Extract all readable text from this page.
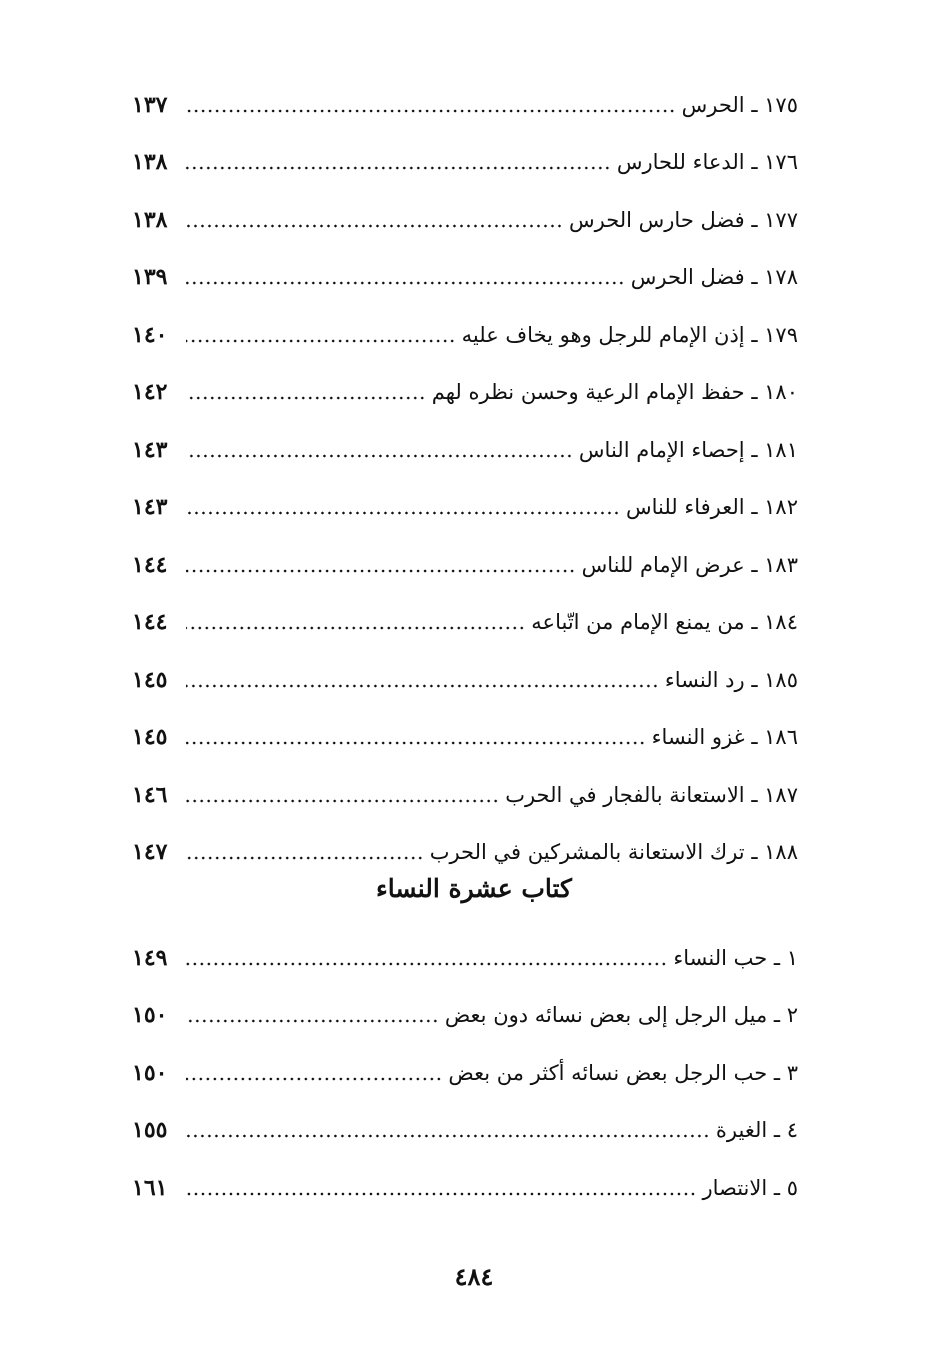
١٧٥ ـ الحرس
١٣٧
١٧٦ ـ الدعاء للحارس
١٣٨
١٧٧ ـ فضل حارس الحرس
١٣٨
١٧٨ ـ فضل الحرس
١٣٩
١٧٩ ـ إذن الإمام للرجل وهو يخاف عليه
١٤٠
١٨٠ ـ حفظ الإمام الرعية وحسن نظره لهم
١٤٢
١٨١ ـ إحصاء الإمام الناس
١٤٣
١٨٢ ـ العرفاء للناس
١٤٣
١٨٣ ـ عرض الإمام للناس
١٤٤
١٨٤ ـ من يمنع الإمام من اتّباعه
١٤٤
١٨٥ ـ رد النساء
١٤٥
١٨٦ ـ غزو النساء
١٤٥
١٨٧ ـ الاستعانة بالفجار في الحرب
١٤٦
١٨٨ ـ ترك الاستعانة بالمشركين في الحرب
١٤٧
كتاب عشرة النساء
١ ـ حب النساء
١٤٩
٢ ـ ميل الرجل إلى بعض نسائه دون بعض
١٥٠
٣ ـ حب الرجل بعض نسائه أكثر من بعض
١٥٠
٤ ـ الغيرة
١٥٥
٥ ـ الانتصار
١٦١
٤٨٤
